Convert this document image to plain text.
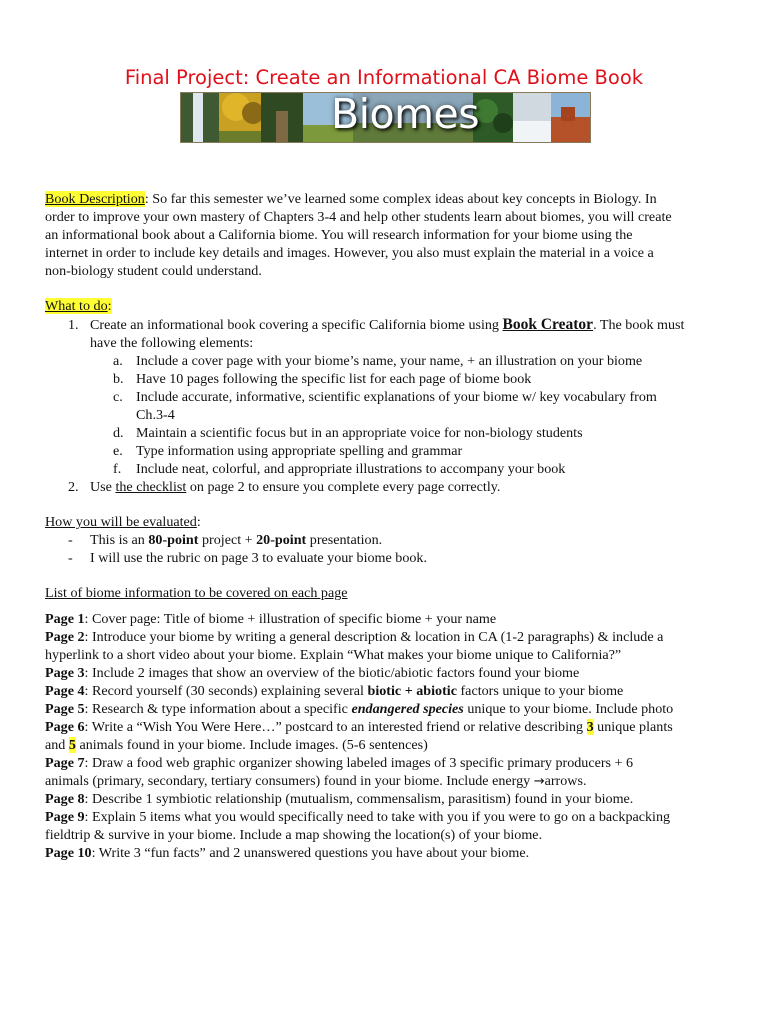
Final Project: Create an Informational CA Biome Book
Biomes
Book Description: So far this semester we’ve learned some complex ideas about key concepts in Biology. In
order to improve your own mastery of Chapters 3-4 and help other students learn about biomes, you will create
an informational book about a California biome. You will research information for your biome using the
internet in order to include key details and images. However, you also must explain the material in a voice a
non-biology student could understand.
What to do:
1. Create an informational book covering a specific California biome using Book Creator. The book must
have the following elements:
a. Include a cover page with your biome’s name, your name, + an illustration on your biome
b. Have 10 pages following the specific list for each page of biome book
c. Include accurate, informative, scientific explanations of your biome w/ key vocabulary from
Ch.3-4
d. Maintain a scientific focus but in an appropriate voice for non-biology students
e. Type information using appropriate spelling and grammar
f. Include neat, colorful, and appropriate illustrations to accompany your book
2. Use the checklist on page 2 to ensure you complete every page correctly.
How you will be evaluated:
- This is an 80-point project + 20-point presentation.
- I will use the rubric on page 3 to evaluate your biome book.
List of biome information to be covered on each page
Page 1: Cover page: Title of biome + illustration of specific biome + your name
Page 2: Introduce your biome by writing a general description & location in CA (1-2 paragraphs) & include a
hyperlink to a short video about your biome. Explain “What makes your biome unique to California?”
Page 3: Include 2 images that show an overview of the biotic/abiotic factors found your biome
Page 4: Record yourself (30 seconds) explaining several biotic + abiotic factors unique to your biome
Page 5: Research & type information about a specific endangered species unique to your biome. Include photo
Page 6: Write a “Wish You Were Here…” postcard to an interested friend or relative describing 3 unique plants
and 5 animals found in your biome. Include images. (5-6 sentences)
Page 7: Draw a food web graphic organizer showing labeled images of 3 specific primary producers + 6
animals (primary, secondary, tertiary consumers) found in your biome. Include energy →arrows.
Page 8: Describe 1 symbiotic relationship (mutualism, commensalism, parasitism) found in your biome.
Page 9: Explain 5 items what you would specifically need to take with you if you were to go on a backpacking
fieldtrip & survive in your biome. Include a map showing the location(s) of your biome.
Page 10: Write 3 “fun facts” and 2 unanswered questions you have about your biome.
